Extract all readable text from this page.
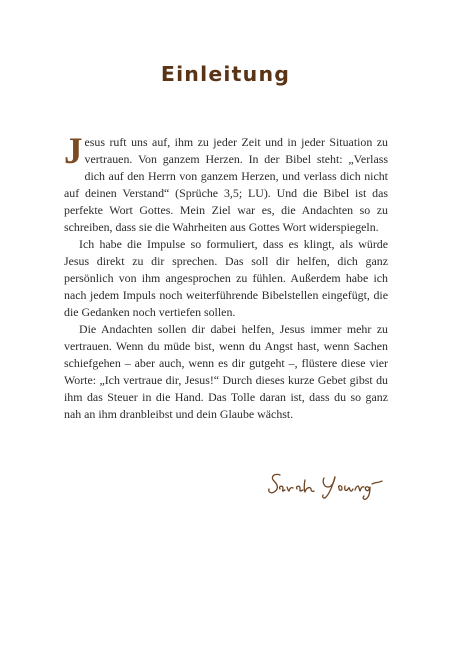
Einleitung

Jesus ruft uns auf, ihm zu jeder Zeit und in jeder Situation zu vertrauen. Von ganzem Herzen. In der Bibel steht: „Verlass dich auf den Herrn von ganzem Herzen, und verlass dich nicht auf deinen Verstand“ (Sprüche 3,5; LU). Und die Bibel ist das perfekte Wort Gottes. Mein Ziel war es, die Andachten so zu schreiben, dass sie die Wahrheiten aus Gottes Wort widerspiegeln.

Ich habe die Impulse so formuliert, dass es klingt, als würde Jesus direkt zu dir sprechen. Das soll dir helfen, dich ganz persönlich von ihm angesprochen zu fühlen. Außerdem habe ich nach jedem Impuls noch weiterführende Bibelstellen eingefügt, die die Gedanken noch vertiefen sollen.

Die Andachten sollen dir dabei helfen, Jesus immer mehr zu vertrauen. Wenn du müde bist, wenn du Angst hast, wenn Sachen schiefgehen – aber auch, wenn es dir gutgeht –, flüstere diese vier Worte: „Ich vertraue dir, Jesus!“ Durch dieses kurze Gebet gibst du ihm das Steuer in die Hand. Das Tolle daran ist, dass du so ganz nah an ihm dranbleibst und dein Glaube wächst.
